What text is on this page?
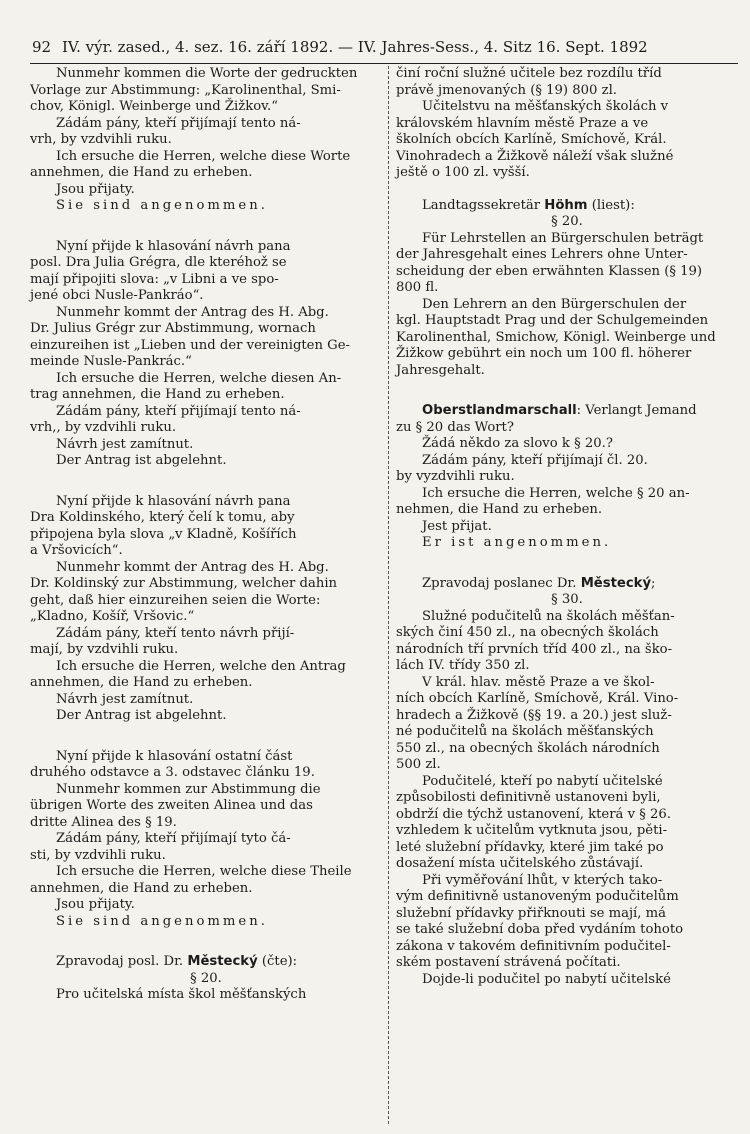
92 IV. výr. zased., 4. sez. 16. září 1892. — IV. Jahres-Sess., 4. Sitz 16. Sept. 1892

Nunmehr kommen die Worte der gedruckten

Vorlage zur Abstimmung: „Karolinenthal, Smi-

chov, Königl. Weinberge und Žižkov.“

Zádám pány, kteří přijímají tento ná-

vrh, by vzdvihli ruku.

Ich ersuche die Herren, welche diese Worte

annehmen, die Hand zu erheben.

Jsou přijaty.

Sie sind angenommen.

Nyní přijde k hlasování návrh pana

posl. Dra Julia Grégra, dle kteréhož se

mají připojiti slova: „v Libni a ve spo-

jené obci Nusle-Pankráo“.

Nunmehr kommt der Antrag des H. Abg.

Dr. Julius Grégr zur Abstimmung, wornach

einzureihen ist „Lieben und der vereinigten Ge-

meinde Nusle-Pankrác.“

Ich ersuche die Herren, welche diesen An-

trag annehmen, die Hand zu erheben.

Zádám pány, kteří přijímají tento ná-

vrh,, by vzdvihli ruku.

Návrh jest zamítnut.

Der Antrag ist abgelehnt.

Nyní přijde k hlasování návrh pana

Dra Koldinského, který čelí k tomu, aby

připojena byla slova „v Kladně, Košířích

a Vršovicích“.

Nunmehr kommt der Antrag des H. Abg.

Dr. Koldinský zur Abstimmung, welcher dahin

geht, daß hier einzureihen seien die Worte:

„Kladno, Košíř, Vršovic.“

Zádám pány, kteří tento návrh přijí-

mají, by vzdvihli ruku.

Ich ersuche die Herren, welche den Antrag

annehmen, die Hand zu erheben.

Návrh jest zamítnut.

Der Antrag ist abgelehnt.

Nyní přijde k hlasování ostatní část

druhého odstavce a 3. odstavec článku 19.

Nunmehr kommen zur Abstimmung die

übrigen Worte des zweiten Alinea und das

dritte Alinea des § 19.

Zádám pány, kteří přijímají tyto čá-

sti, by vzdvihli ruku.

Ich ersuche die Herren, welche diese Theile

annehmen, die Hand zu erheben.

Jsou přijaty.

Sie sind angenommen.

Zpravodaj posl. Dr. Městecký (čte):

§ 20.

Pro učitelská místa škol měšťanských

činí roční služné učitele bez rozdílu tříd

právě jmenovaných (§ 19) 800 zl.

Učitelstvu na měšťanských školách v

královském hlavním městě Praze a ve

školních obcích Karlíně, Smíchově, Král.

Vinohradech a Žižkově náleží však služné

ještě o 100 zl. vyšší.

Landtagssekretär Höhm (liest):

§ 20.

Für Lehrstellen an Bürgerschulen beträgt

der Jahresgehalt eines Lehrers ohne Unter-

scheidung der eben erwähnten Klassen (§ 19)

800 fl.

Den Lehrern an den Bürgerschulen der

kgl. Hauptstadt Prag und der Schulgemeinden

Karolinenthal, Smichow, Königl. Weinberge und

Žižkow gebührt ein noch um 100 fl. höherer

Jahresgehalt.

Oberstlandmarschall: Verlangt Jemand

zu § 20 das Wort?

Žádá někdo za slovo k § 20.?

Zádám pány, kteří přijímají čl. 20.

by vyzdvihli ruku.

Ich ersuche die Herren, welche § 20 an-

nehmen, die Hand zu erheben.

Jest přijat.

Er ist angenommen.

Zpravodaj poslanec Dr. Městecký;

§ 30.

Služné podučitelů na školách měšťan-

ských činí 450 zl., na obecných školách

národních tří prvních tříd 400 zl., na ško-

lách IV. třídy 350 zl.

V král. hlav. městě Praze a ve škol-

ních obcích Karlíně, Smíchově, Král. Vino-

hradech a Žižkově (§§ 19. a 20.) jest služ-

né podučitelů na školách měšťanských

550 zl., na obecných školách národních

500 zl.

Podučitelé, kteří po nabytí učitelské

způsobilosti definitivně ustanoveni byli,

obdrží die týchž ustanovení, která v § 26.

vzhledem k učitelům vytknuta jsou, pěti-

leté služební přídavky, které jim také po

dosažení místa učitelského zůstávají.

Při vyměřování lhůt, v kterých tako-

vým definitivně ustanoveným podučitelům

služební přídavky přiřknouti se mají, má

se také služební doba před vydáním tohoto

zákona v takovém definitivním podučitel-

ském postavení strávená počítati.

Dojde-li podučitel po nabytí učitelské
